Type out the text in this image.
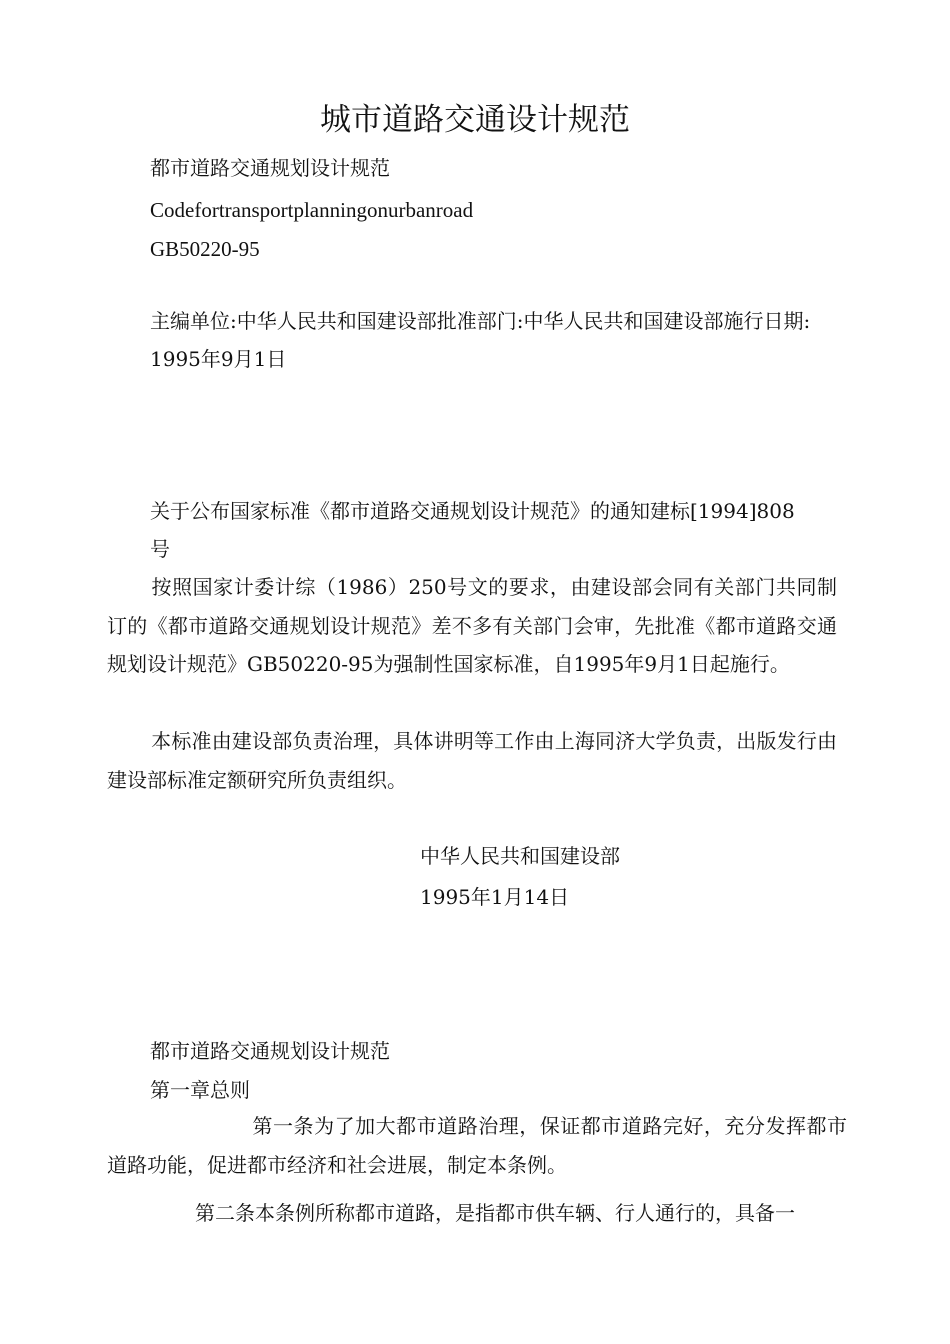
城市道路交通设计规范

都市道路交通规划设计规范

Codefortransportplanningonurbanroad

GB50220-95

主编单位:中华人民共和国建设部批准部门:中华人民共和国建设部施行日期:

1995年9月1日

关于公布国家标准《都市道路交通规划设计规范》的通知建标[1994]808

号

按照国家计委计综（1986）250号文的要求，由建设部会同有关部门共同制订的《都市道路交通规划设计规范》差不多有关部门会审，先批准《都市道路交通规划设计规范》GB50220-95为强制性国家标准，自1995年9月1日起施行。

本标准由建设部负责治理，具体讲明等工作由上海同济大学负责，出版发行由建设部标准定额研究所负责组织。

中华人民共和国建设部

1995年1月14日

都市道路交通规划设计规范

第一章总则

第一条为了加大都市道路治理，保证都市道路完好，充分发挥都市道路功能，促进都市经济和社会进展，制定本条例。

第二条本条例所称都市道路，是指都市供车辆、行人通行的，具备一
